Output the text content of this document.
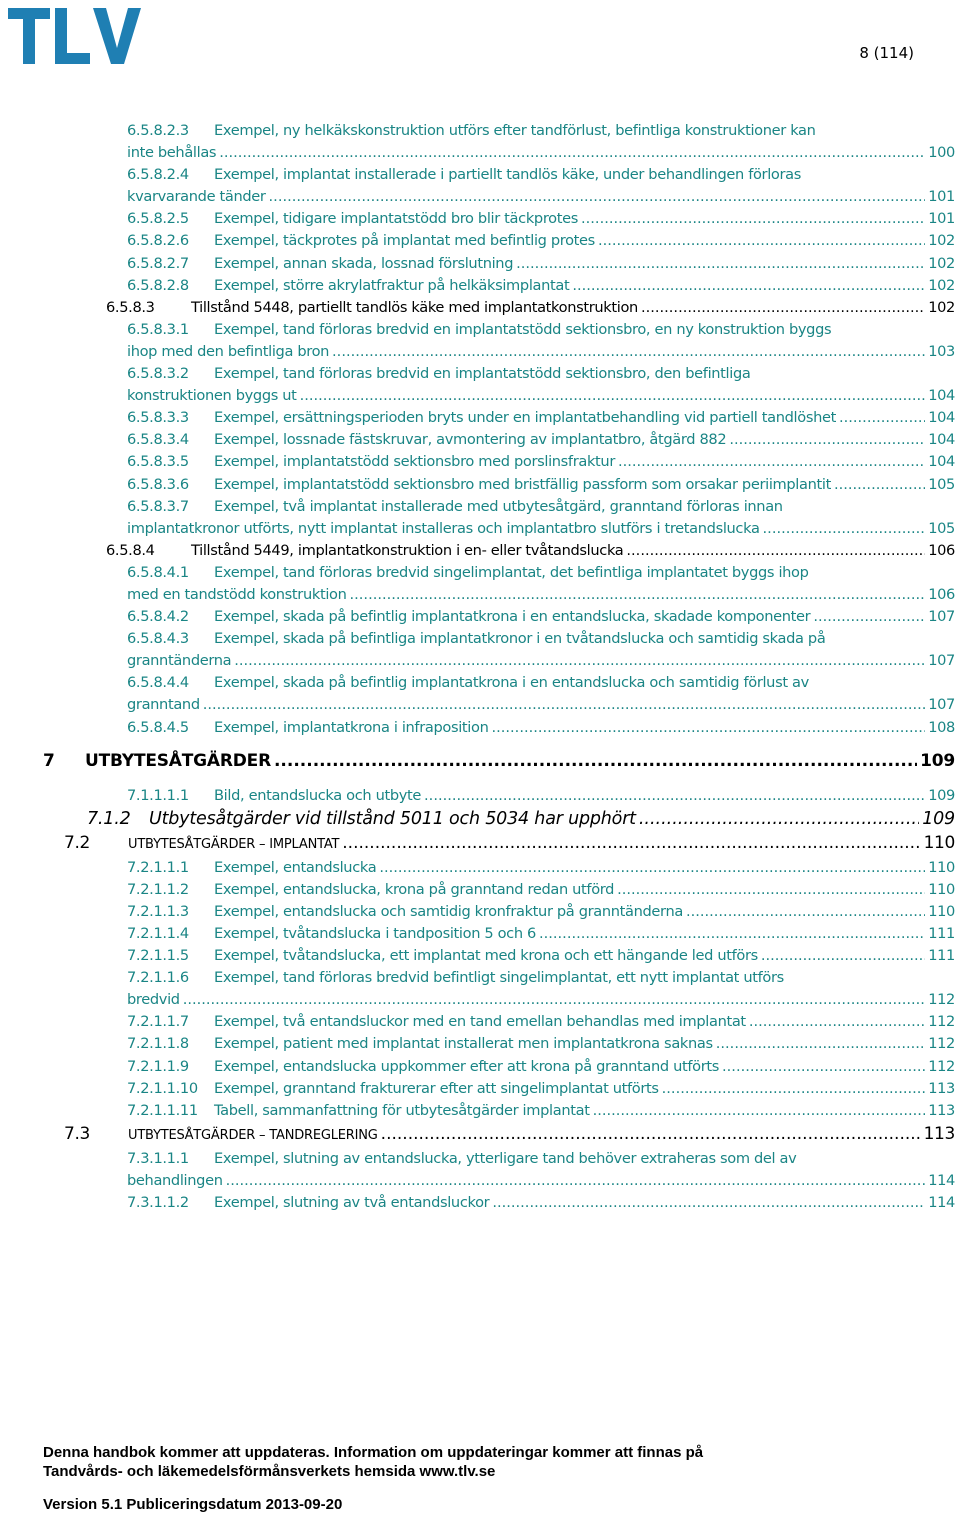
8 (114)
6.5.8.2.3 Exempel, ny helkäkskonstruktion utförs efter tandförlust, befintliga konstruktioner kan
inte behållas .....	100
6.5.8.2.4 Exempel, implantat installerade i partiellt tandlös käke, under behandlingen förloras
kvarvarande tänder .....	101
6.5.8.2.5	Exempel, tidigare implantatstödd bro blir täckprotes .....	101
6.5.8.2.6	Exempel, täckprotes på implantat med befintlig protes .....	102
6.5.8.2.7	Exempel, annan skada, lossnad förslutning .....	102
6.5.8.2.8	Exempel, större akrylatfraktur på helkäksimplantat .....	102
6.5.8.3	Tillstånd 5448, partiellt tandlös käke med implantatkonstruktion .....	102
6.5.8.3.1 Exempel, tand förloras bredvid en implantatstödd sektionsbro, en ny konstruktion byggs
ihop med den befintliga bron .....	103
6.5.8.3.2 Exempel, tand förloras bredvid en implantatstödd sektionsbro, den befintliga
konstruktionen byggs ut .....	104
6.5.8.3.3	Exempel, ersättningsperioden bryts under en implantatbehandling vid partiell tandlöshet .....	104
6.5.8.3.4	Exempel, lossnade fästskruvar, avmontering av implantatbro, åtgärd 882 .....	104
6.5.8.3.5	Exempel, implantatstödd sektionsbro med porslinsfraktur .....	104
6.5.8.3.6	Exempel, implantatstödd sektionsbro med bristfällig passform som orsakar periimplantit .....	105
6.5.8.3.7 Exempel, två implantat installerade med utbytesåtgärd, granntand förloras innan
implantatkronor utförts, nytt implantat installeras och implantatbro slutförs i tretandslucka .....	105
6.5.8.4	Tillstånd 5449, implantatkonstruktion i en- eller tvåtandslucka .....	106
6.5.8.4.1 Exempel, tand förloras bredvid singelimplantat, det befintliga implantatet byggs ihop
med en tandstödd konstruktion .....	106
6.5.8.4.2	Exempel, skada på befintlig implantatkrona i en entandslucka, skadade komponenter .....	107
6.5.8.4.3 Exempel, skada på befintliga implantatkronor i en tvåtandslucka och samtidig skada på
granntänderna .....	107
6.5.8.4.4 Exempel, skada på befintlig implantatkrona i en entandslucka och samtidig förlust av
granntand .....	107
6.5.8.4.5	Exempel, implantatkrona i infraposition .....	108
7	UTBYTESÅTGÄRDER .....	109
7.1.1.1.1	Bild, entandslucka och utbyte .....	109
7.1.2	Utbytesåtgärder vid tillstånd 5011 och 5034 har upphört .....	109
7.2	UTBYTESÅTGÄRDER – IMPLANTAT .....	110
7.2.1.1.1	Exempel, entandslucka .....	110
7.2.1.1.2	Exempel, entandslucka, krona på granntand redan utförd .....	110
7.2.1.1.3	Exempel, entandslucka och samtidig kronfraktur på granntänderna .....	110
7.2.1.1.4	Exempel, tvåtandslucka i tandposition 5 och 6 .....	111
7.2.1.1.5	Exempel, tvåtandslucka, ett implantat med krona och ett hängande led utförs .....	111
7.2.1.1.6 Exempel, tand förloras bredvid befintligt singelimplantat, ett nytt implantat utförs
bredvid .....	112
7.2.1.1.7	Exempel, två entandsluckor med en tand emellan behandlas med implantat .....	112
7.2.1.1.8	Exempel, patient med implantat installerat men implantatkrona saknas .....	112
7.2.1.1.9	Exempel, entandslucka uppkommer efter att krona på granntand utförts .....	112
7.2.1.1.10	Exempel, granntand frakturerar efter att singelimplantat utförts .....	113
7.2.1.1.11	Tabell, sammanfattning för utbytesåtgärder implantat .....	113
7.3	UTBYTESÅTGÄRDER – TANDREGLERING .....	113
7.3.1.1.1 Exempel, slutning av entandslucka, ytterligare tand behöver extraheras som del av
behandlingen .....	114
7.3.1.1.2	Exempel, slutning av två entandsluckor .....	114
Denna handbok kommer att uppdateras. Information om uppdateringar kommer att finnas på
Tandvårds- och läkemedelsförmånsverkets hemsida www.tlv.se
Version 5.1 Publiceringsdatum 2013-09-20
